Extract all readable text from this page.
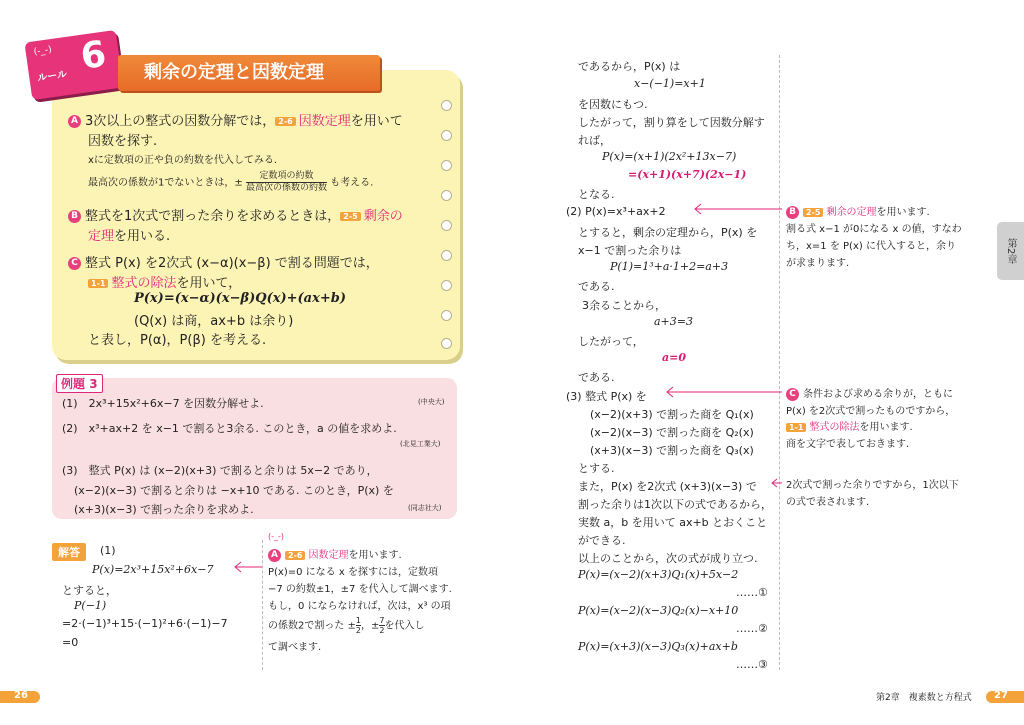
(-_-)
ルール 6	剰余の定理と因数定理
A 3次以上の整式の因数分解では， 2-6 因数定理を用いて
因数を探す.
xに定数項の正や負の約数を代入してみる.
最高次の係数が1でないときは，±
定数項の約数
最高次の係数の約数 も考える.
B 整式を1次式で割った余りを求めるときは， 2-5 剰余の
定理を用いる.
C 整式 P(x) を2次式 (x−α)(x−β) で割る問題では，
1-1 整式の除法を用いて，
P(x)=(x−α)(x−β)Q(x)+(ax+b)
(Q(x) は商，ax+b は余り)
と表し，P(α)，P(β) を考える.
例題 3
(1)　 2x³+15x²+6x−7 を因数分解せよ.	(中央大)
(2)　 x³+ax+2 を x−1 で割ると3余る. このとき，a の値を求めよ.
(北見工業大)
(3)　 整式 P(x) は (x−2)(x+3) で割ると余りは 5x−2 であり，
(x−2)(x−3) で割ると余りは −x+10 である. このとき，P(x) を
(x+3)(x−3) で割った余りを求めよ.	(同志社大)
解答	(1)
P(x)=2x³+15x²+6x−7
とすると，
P(−1)
=2·(−1)³+15·(−1)²+6·(−1)−7
=0
(-_-)
A 2-6 因数定理を用います.
P(x)=0 になる x を探すには，定数項
−7 の約数±1，±7 を代入して調べます.
もし，0 にならなければ，次は，x³ の項
の係数2で割った ± $\frac{1}{2}$ ，± $\frac{7}{2}$ を代入し
て調べます.
であるから，P(x) は
x−(−1)=x+1
を因数にもつ.
したがって，割り算をして因数分解す
れば，
P(x)=(x+1)(2x²+13x−7)
=(x+1)(x+7)(2x−1)
となる.
(2) P(x)=x³+ax+2
とすると，剰余の定理から，P(x) を
x−1 で割った余りは
P(1)=1³+a·1+2=a+3
である.
3余ることから，
a+3=3
したがって，
a=0
である.
(3) 整式 P(x) を
(x−2)(x+3) で割った商を Q₁(x)
(x−2)(x−3) で割った商を Q₂(x)
(x+3)(x−3) で割った商を Q₃(x)
とする.
また，P(x) を2次式 (x+3)(x−3) で
割った余りは1次以下の式であるから，
実数 a，b を用いて ax+b とおくこと
ができる.
以上のことから，次の式が成り立つ.
P(x)=(x−2)(x+3)Q₁(x)+5x−2
……①
P(x)=(x−2)(x−3)Q₂(x)−x+10
……②
P(x)=(x+3)(x−3)Q₃(x)+ax+b
……③
B 2-5 剰余の定理を用います.
割る式 x−1 が0になる x の値，すなわ
ち，x=1 を P(x) に代入すると，余り
が求まります.
C 条件および求める余りが，ともに
P(x) を2次式で割ったものですから，
1-1 整式の除法を用います.
商を文字で表しておきます.
2次式で割った余りですから，1次以下
の式で表されます.
第2章
26	第2章　複素数と方程式 27
